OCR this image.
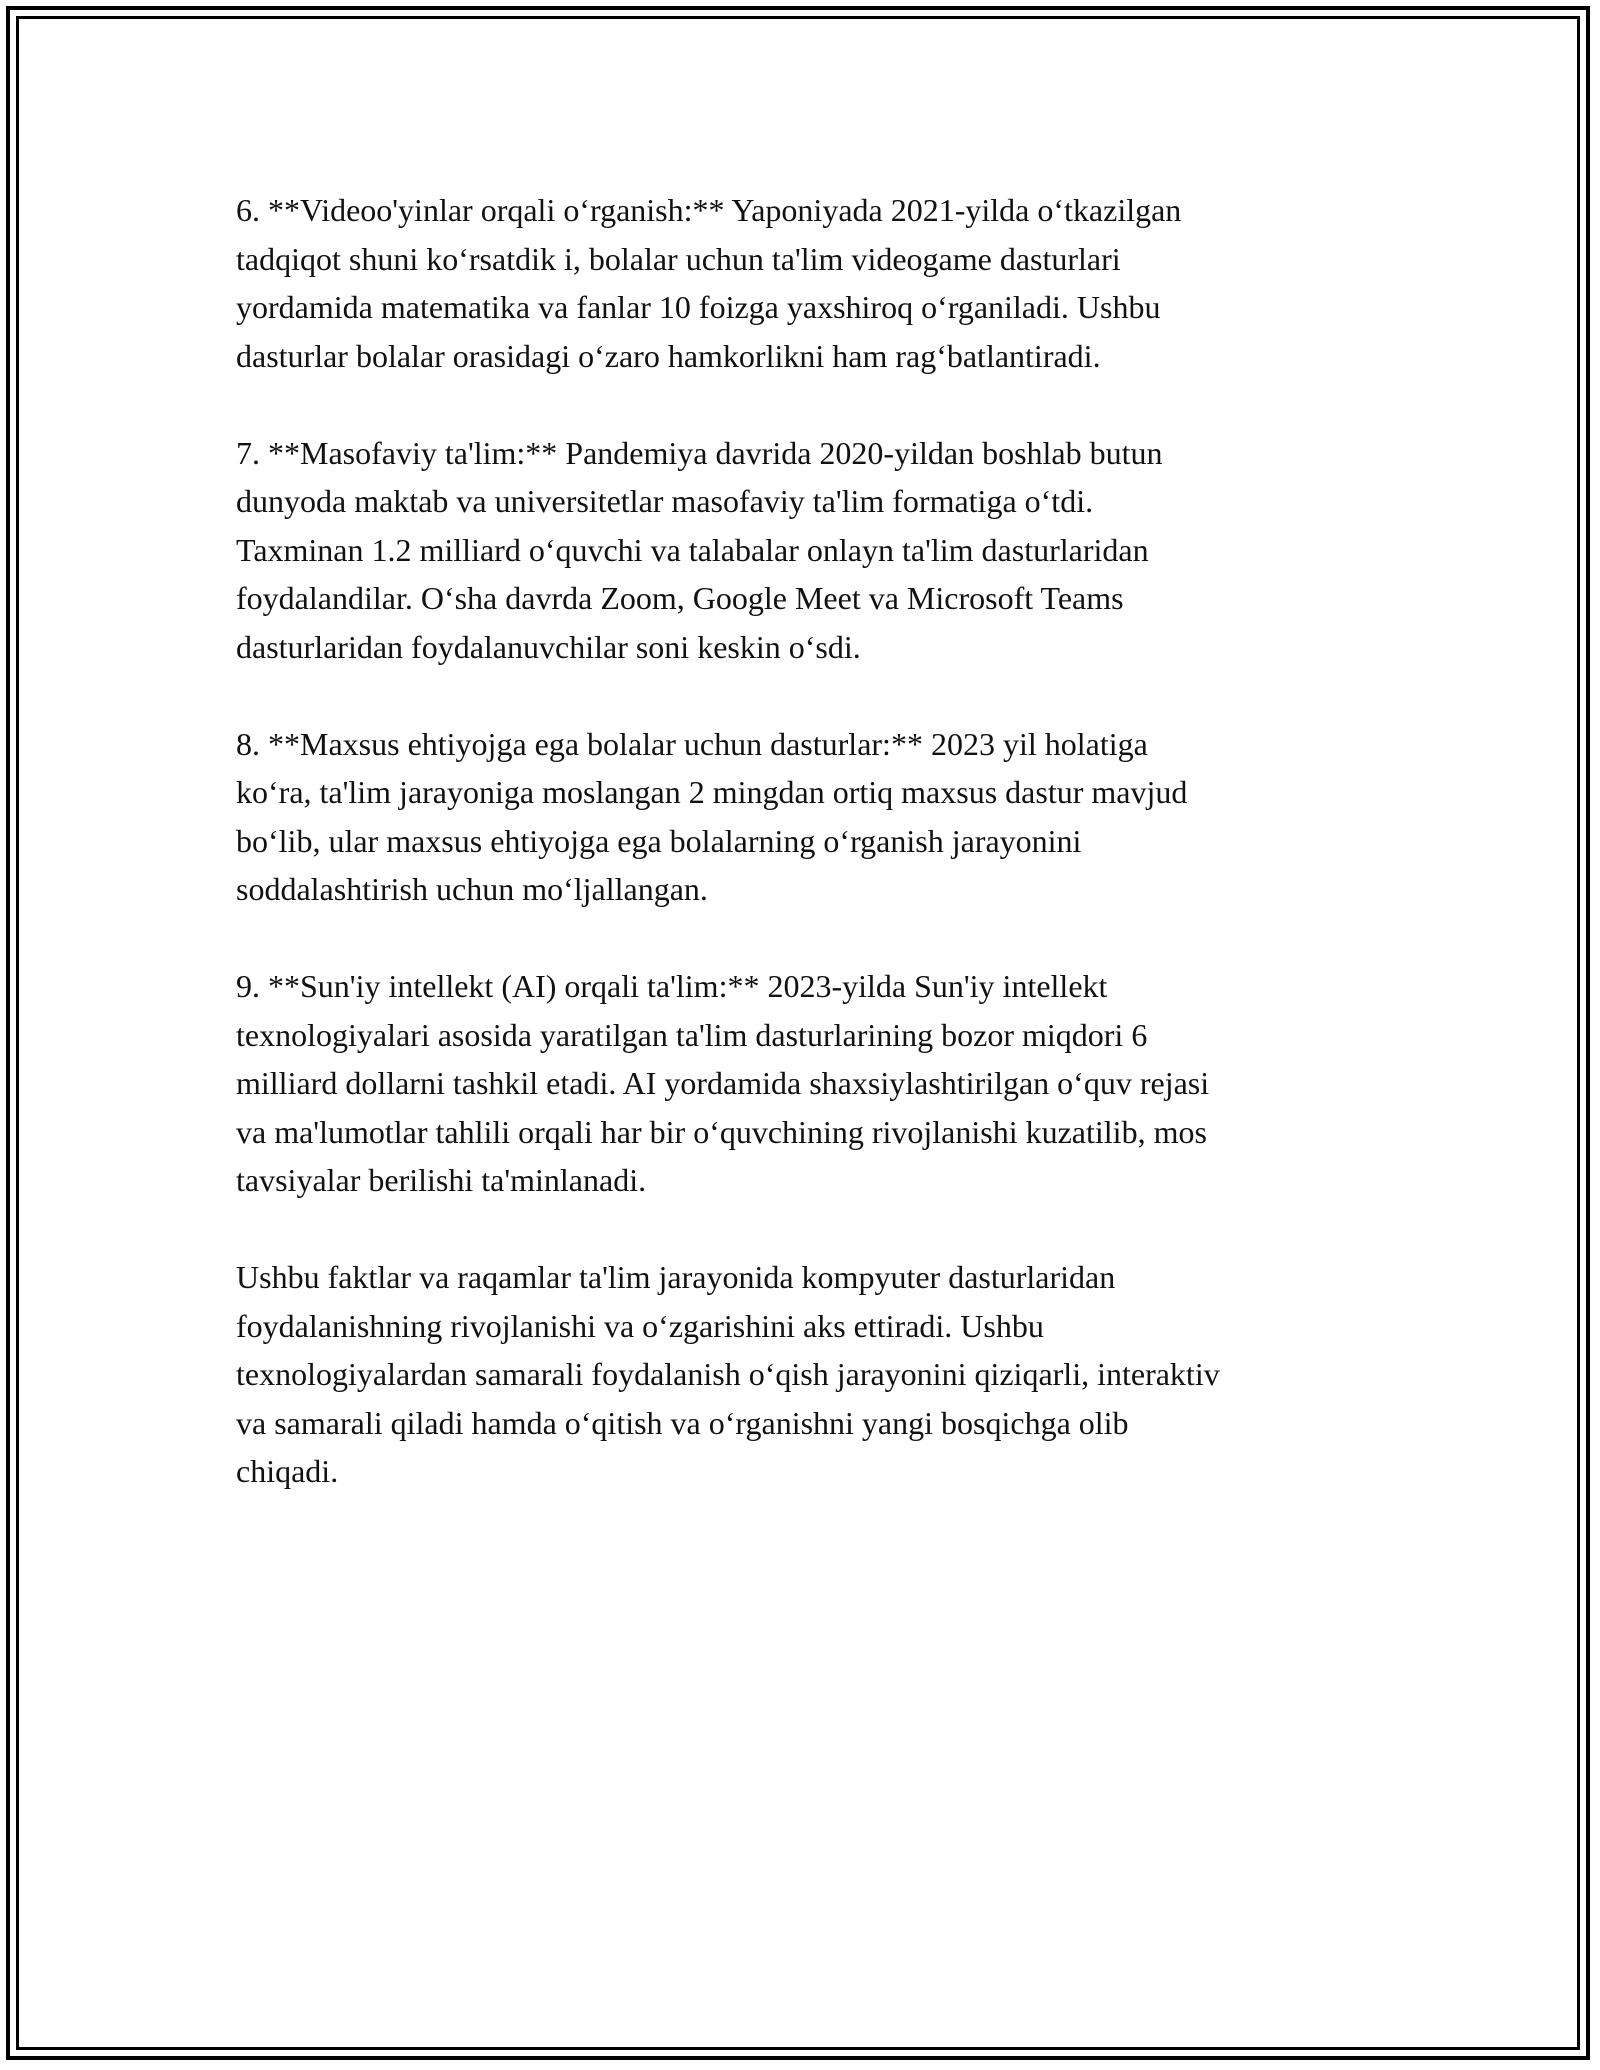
6. **Videoo'yinlar orqali o‘rganish:** Yaponiyada 2021-yilda o‘tkazilgan
tadqiqot shuni ko‘rsatdik i, bolalar uchun ta'lim videogame dasturlari
yordamida matematika va fanlar 10 foizga yaxshiroq o‘rganiladi. Ushbu
dasturlar bolalar orasidagi o‘zaro hamkorlikni ham rag‘batlantiradi.

7. **Masofaviy ta'lim:** Pandemiya davrida 2020-yildan boshlab butun
dunyoda maktab va universitetlar masofaviy ta'lim formatiga o‘tdi.
Taxminan 1.2 milliard o‘quvchi va talabalar onlayn ta'lim dasturlaridan
foydalandilar. O‘sha davrda Zoom, Google Meet va Microsoft Teams
dasturlaridan foydalanuvchilar soni keskin o‘sdi.

8. **Maxsus ehtiyojga ega bolalar uchun dasturlar:** 2023 yil holatiga
ko‘ra, ta'lim jarayoniga moslangan 2 mingdan ortiq maxsus dastur mavjud
bo‘lib, ular maxsus ehtiyojga ega bolalarning o‘rganish jarayonini
soddalashtirish uchun mo‘ljallangan.

9. **Sun'iy intellekt (AI) orqali ta'lim:** 2023-yilda Sun'iy intellekt
texnologiyalari asosida yaratilgan ta'lim dasturlarining bozor miqdori 6
milliard dollarni tashkil etadi. AI yordamida shaxsiylashtirilgan o‘quv rejasi
va ma'lumotlar tahlili orqali har bir o‘quvchining rivojlanishi kuzatilib, mos
tavsiyalar berilishi ta'minlanadi.

Ushbu faktlar va raqamlar ta'lim jarayonida kompyuter dasturlaridan
foydalanishning rivojlanishi va o‘zgarishini aks ettiradi. Ushbu
texnologiyalardan samarali foydalanish o‘qish jarayonini qiziqarli, interaktiv
va samarali qiladi hamda o‘qitish va o‘rganishni yangi bosqichga olib
chiqadi.
